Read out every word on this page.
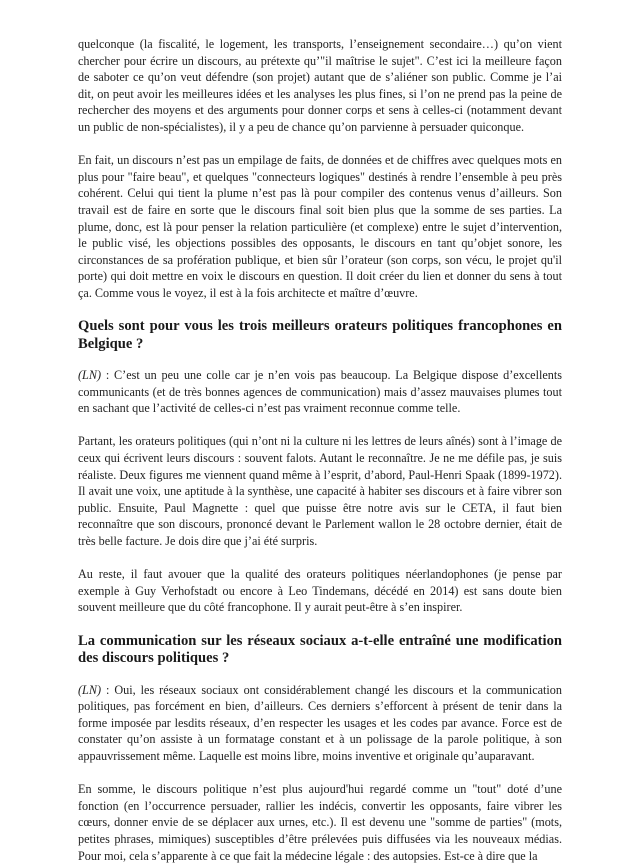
quelconque (la fiscalité, le logement, les transports, l’enseignement secondaire…) qu’on vient chercher pour écrire un discours, au prétexte qu’"il maîtrise le sujet". C’est ici la meilleure façon de saboter ce qu’on veut défendre (son projet) autant que de s’aliéner son public. Comme je l’ai dit, on peut avoir les meilleures idées et les analyses les plus fines, si l’on ne prend pas la peine de rechercher des moyens et des arguments pour donner corps et sens à celles-ci (notamment devant un public de non-spécialistes), il y a peu de chance qu’on parvienne à persuader quiconque.

En fait, un discours n’est pas un empilage de faits, de données et de chiffres avec quelques mots en plus pour "faire beau", et quelques "connecteurs logiques" destinés à rendre l’ensemble à peu près cohérent. Celui qui tient la plume n’est pas là pour compiler des contenus venus d’ailleurs. Son travail est de faire en sorte que le discours final soit bien plus que la somme de ses parties. La plume, donc, est là pour penser la relation particulière (et complexe) entre le sujet d’intervention, le public visé, les objections possibles des opposants, le discours en tant qu’objet sonore, les circonstances de sa profération publique, et bien sûr l’orateur (son corps, son vécu, le projet qu'il porte) qui doit mettre en voix le discours en question. Il doit créer du lien et donner du sens à tout ça. Comme vous le voyez, il est à la fois architecte et maître d’œuvre.

Quels sont pour vous les trois meilleurs orateurs politiques francophones en Belgique ?

(LN) : C’est un peu une colle car je n’en vois pas beaucoup. La Belgique dispose d’excellents communicants (et de très bonnes agences de communication) mais d’assez mauvaises plumes tout en sachant que l’activité de celles-ci n’est pas vraiment reconnue comme telle.

Partant, les orateurs politiques (qui n’ont ni la culture ni les lettres de leurs aînés) sont à l’image de ceux qui écrivent leurs discours : souvent falots. Autant le reconnaître. Je ne me défile pas, je suis réaliste. Deux figures me viennent quand même à l’esprit, d’abord, Paul-Henri Spaak (1899-1972). Il avait une voix, une aptitude à la synthèse, une capacité à habiter ses discours et à faire vibrer son public. Ensuite, Paul Magnette : quel que puisse être notre avis sur le CETA, il faut bien reconnaître que son discours, prononcé devant le Parlement wallon le 28 octobre dernier, était de très belle facture. Je dois dire que j’ai été surpris.

Au reste, il faut avouer que la qualité des orateurs politiques néerlandophones (je pense par exemple à Guy Verhofstadt ou encore à Leo Tindemans, décédé en 2014) est sans doute bien souvent meilleure que du côté francophone. Il y aurait peut-être à s’en inspirer.

La communication sur les réseaux sociaux a-t-elle entraîné une modification des discours politiques ?

(LN) : Oui, les réseaux sociaux ont considérablement changé les discours et la communication politiques, pas forcément en bien, d’ailleurs. Ces derniers s’efforcent à présent de tenir dans la forme imposée par lesdits réseaux, d’en respecter les usages et les codes par avance. Force est de constater qu’on assiste à un formatage constant et à un polissage de la parole politique, à son appauvrissement même. Laquelle est moins libre, moins inventive et originale qu’auparavant.

En somme, le discours politique n’est plus aujourd'hui regardé comme un "tout" doté d’une fonction (en l’occurrence persuader, rallier les indécis, convertir les opposants, faire vibrer les cœurs, donner envie de se déplacer aux urnes, etc.). Il est devenu une "somme de parties" (mots, petites phrases, mimiques) susceptibles d’être prélevées puis diffusées via les nouveaux médias. Pour moi, cela s’apparente à ce que fait la médecine légale : des autopsies. Est-ce à dire que la
